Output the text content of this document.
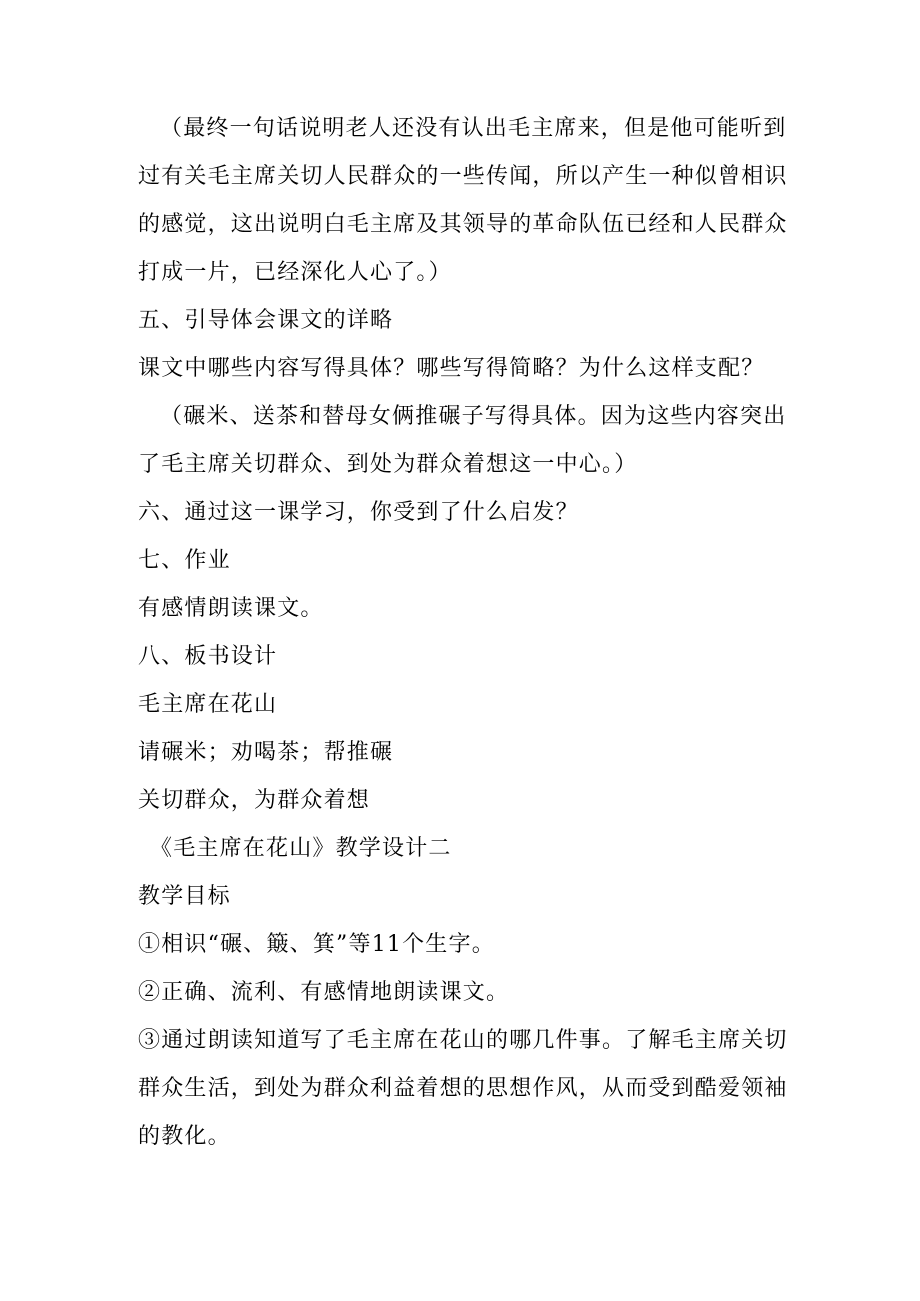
（最终一句话说明老人还没有认出毛主席来，但是他可能听到
过有关毛主席关切人民群众的一些传闻，所以产生一种似曾相识
的感觉，这出说明白毛主席及其领导的革命队伍已经和人民群众
打成一片，已经深化人心了。）
五、引导体会课文的详略
课文中哪些内容写得具体？哪些写得简略？为什么这样支配？
（碾米、送茶和替母女俩推碾子写得具体。因为这些内容突出
了毛主席关切群众、到处为群众着想这一中心。）
六、通过这一课学习，你受到了什么启发？
七、作业
有感情朗读课文。
八、板书设计
毛主席在花山
请碾米；劝喝茶；帮推碾
关切群众，为群众着想
《毛主席在花山》教学设计二
教学目标
①相识“碾、簸、箕”等11个生字。
②正确、流利、有感情地朗读课文。
③通过朗读知道写了毛主席在花山的哪几件事。了解毛主席关切
群众生活，到处为群众利益着想的思想作风，从而受到酷爱领袖
的教化。
